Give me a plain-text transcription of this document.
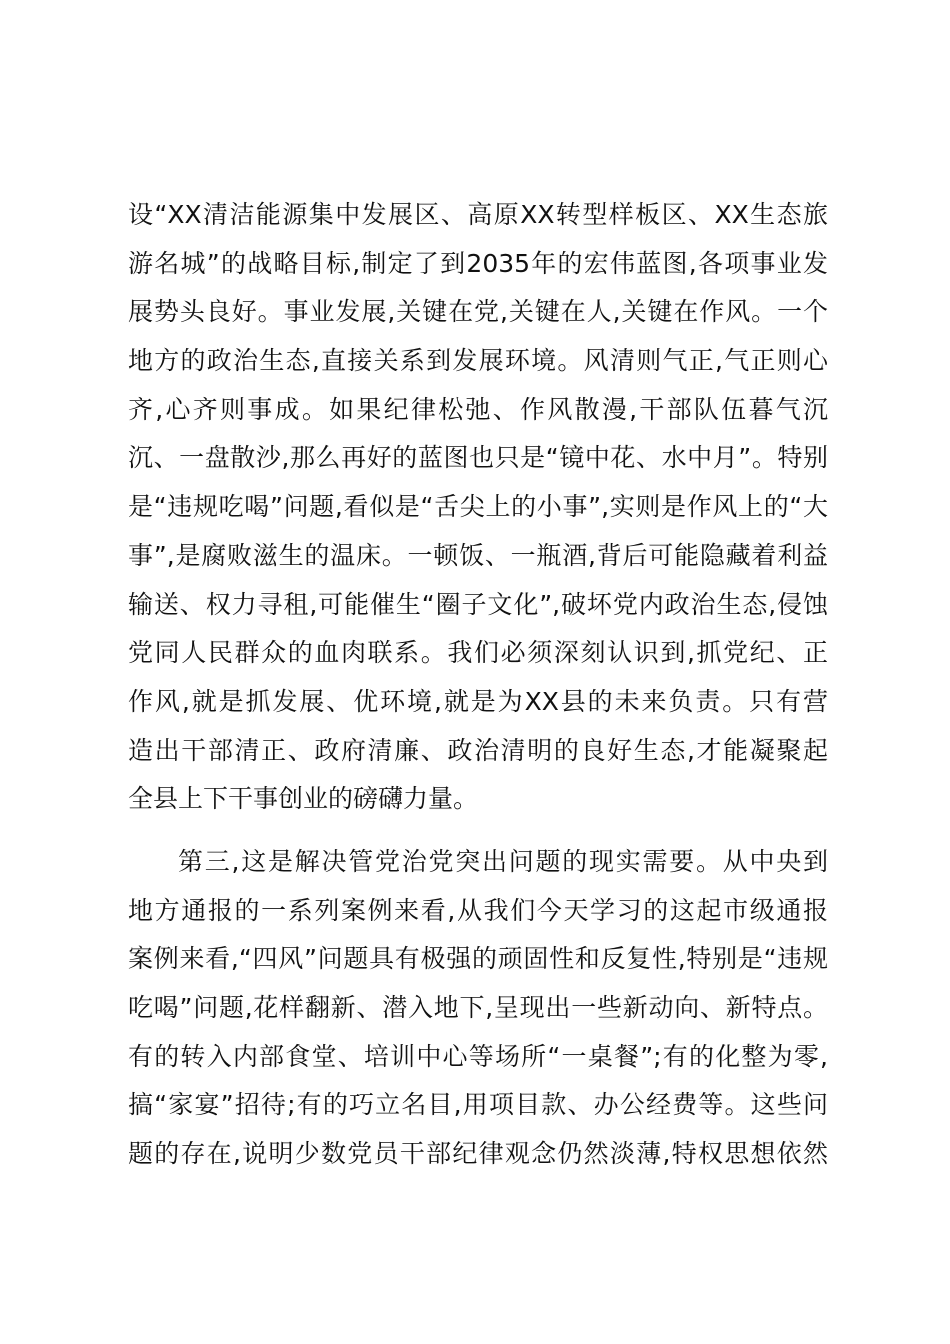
设“XX清洁能源集中发展区、高原XX转型样板区、XX生态旅
游名城”的战略目标,制定了到2035年的宏伟蓝图,各项事业发
展势头良好。事业发展,关键在党,关键在人,关键在作风。一个
地方的政治生态,直接关系到发展环境。风清则气正,气正则心
齐,心齐则事成。如果纪律松弛、作风散漫,干部队伍暮气沉
沉、一盘散沙,那么再好的蓝图也只是“镜中花、水中月”。特别
是“违规吃喝”问题,看似是“舌尖上的小事”,实则是作风上的“大
事”,是腐败滋生的温床。一顿饭、一瓶酒,背后可能隐藏着利益
输送、权力寻租,可能催生“圈子文化”,破坏党内政治生态,侵蚀
党同人民群众的血肉联系。我们必须深刻认识到,抓党纪、正
作风,就是抓发展、优环境,就是为XX县的未来负责。只有营
造出干部清正、政府清廉、政治清明的良好生态,才能凝聚起
全县上下干事创业的磅礴力量。
第三,这是解决管党治党突出问题的现实需要。从中央到
地方通报的一系列案例来看,从我们今天学习的这起市级通报
案例来看,“四风”问题具有极强的顽固性和反复性,特别是“违规
吃喝”问题,花样翻新、潜入地下,呈现出一些新动向、新特点。
有的转入内部食堂、培训中心等场所“一桌餐”;有的化整为零,
搞“家宴”招待;有的巧立名目,用项目款、办公经费等。这些问
题的存在,说明少数党员干部纪律观念仍然淡薄,特权思想依然
